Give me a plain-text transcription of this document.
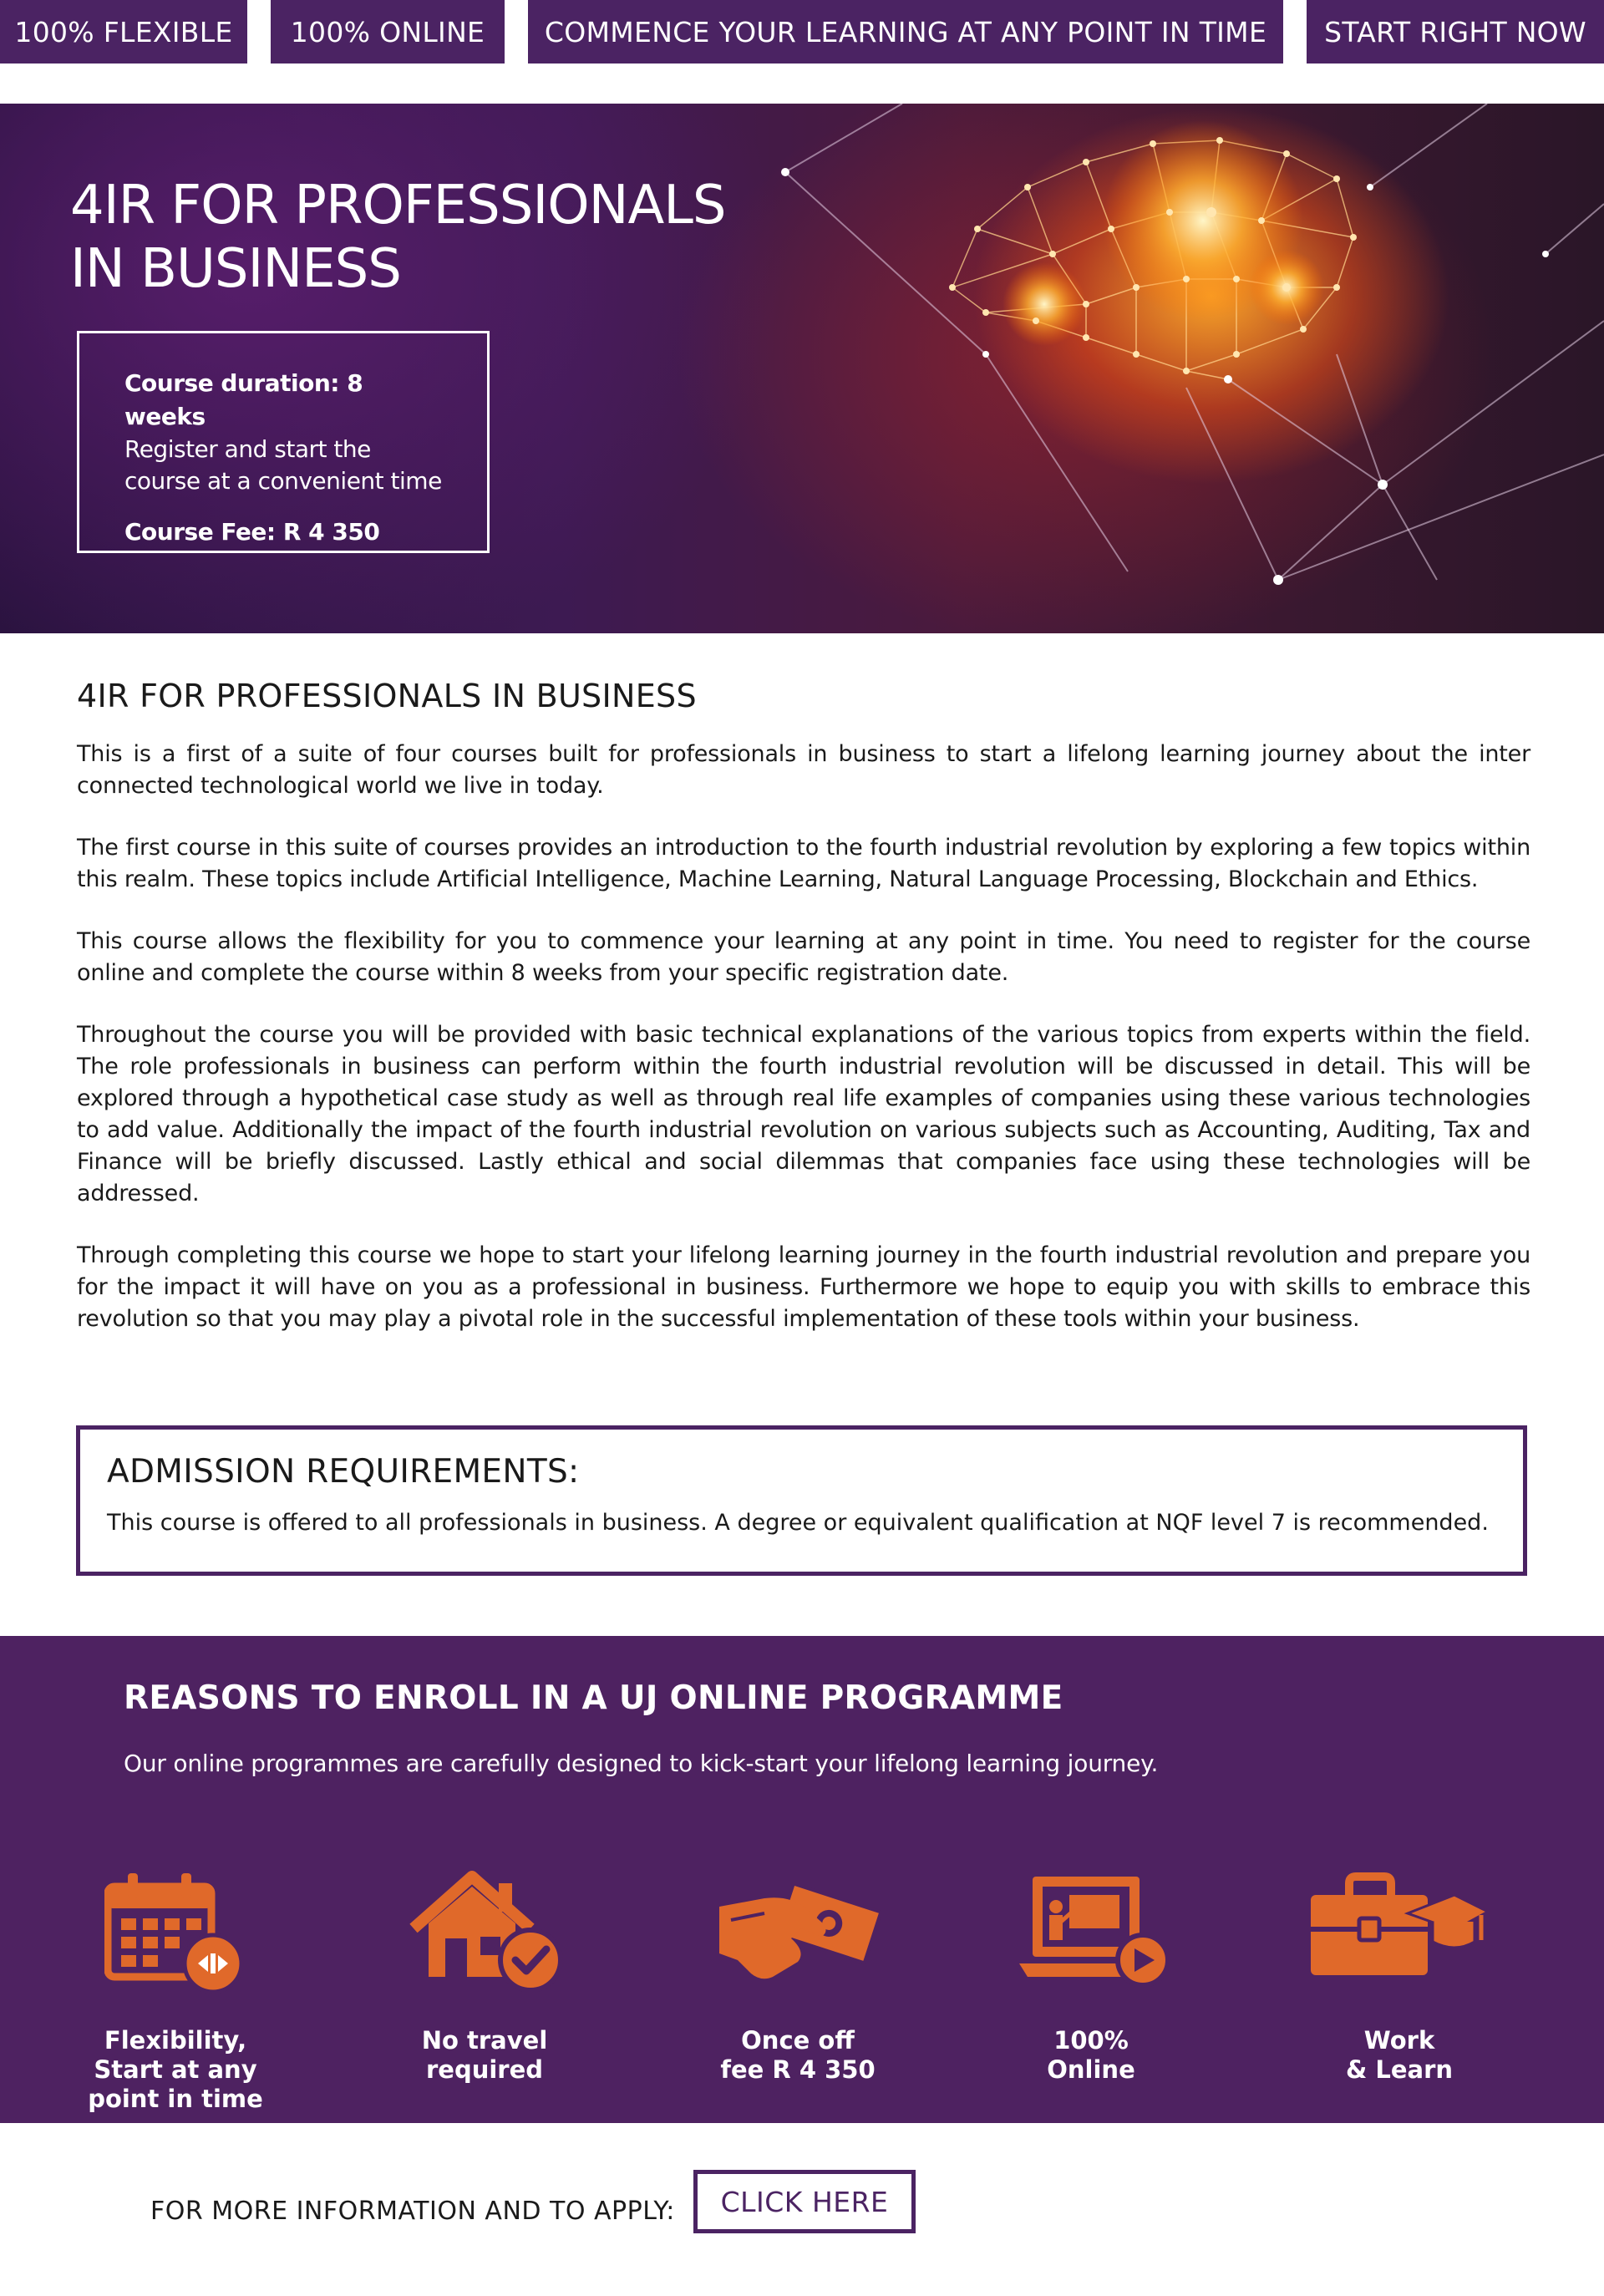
100% FLEXIBLE	100% ONLINE	COMMENCE YOUR LEARNING AT ANY POINT IN TIME	START RIGHT NOW
4IR FOR PROFESSIONALS
IN BUSINESS
Course duration: 8 weeks
Register and start the course at a convenient time
Course Fee: R 4 350
4IR FOR PROFESSIONALS IN BUSINESS

This is a first of a suite of four courses built for professionals in business to start a lifelong learning journey about the inter connected technological world we live in today.

The first course in this suite of courses provides an introduction to the fourth industrial revolution by exploring a few topics within this realm. These topics include Artificial Intelligence, Machine Learning, Natural Language Processing, Blockchain and Ethics.

This course allows the flexibility for you to commence your learning at any point in time. You need to register for the course online and complete the course within 8 weeks from your specific registration date.

Throughout the course you will be provided with basic technical explanations of the various topics from experts within the field. The role professionals in business can perform within the fourth industrial revolution will be discussed in detail. This will be explored through a hypothetical case study as well as through real life examples of companies using these various technologies to add value. Additionally the impact of the fourth industrial revolution on various subjects such as Accounting, Auditing, Tax and Finance will be briefly discussed. Lastly ethical and social dilemmas that companies face using these technologies will be addressed.

Through completing this course we hope to start your lifelong learning journey in the fourth industrial revolution and prepare you for the impact it will have on you as a professional in business. Furthermore we hope to equip you with skills to embrace this revolution so that you may play a pivotal role in the successful implementation of these tools within your business.

ADMISSION REQUIREMENTS:

This course is offered to all professionals in business. A degree or equivalent qualification at NQF level 7 is recommended.

REASONS TO ENROLL IN A UJ ONLINE PROGRAMME
Our online programmes are carefully designed to kick-start your lifelong learning journey.
Flexibility,
Start at any
point in time
No travel
required
Once off
fee R 4 350
100%
Online
Work
& Learn
FOR MORE INFORMATION AND TO APPLY:	CLICK HERE
